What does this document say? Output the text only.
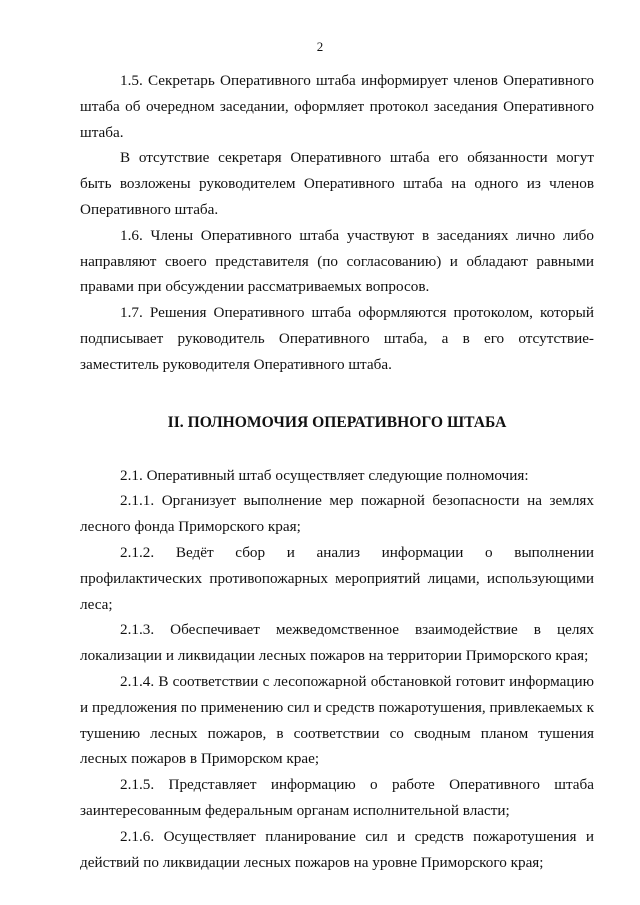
2

1.5. Секретарь Оперативного штаба информирует членов Оперативного штаба об очередном заседании, оформляет протокол заседания Оперативного штаба.

В отсутствие секретаря Оперативного штаба его обязанности могут быть возложены руководителем Оперативного штаба на одного из членов Оперативного штаба.

1.6. Члены Оперативного штаба участвуют в заседаниях лично либо направляют своего представителя (по согласованию) и обладают равными правами при обсуждении рассматриваемых вопросов.

1.7. Решения Оперативного штаба оформляются протоколом, который подписывает руководитель Оперативного штаба, а в его отсутствие-заместитель руководителя Оперативного штаба.

II. ПОЛНОМОЧИЯ ОПЕРАТИВНОГО ШТАБА

2.1. Оперативный штаб осуществляет следующие полномочия:

2.1.1. Организует выполнение мер пожарной безопасности на землях лесного фонда Приморского края;

2.1.2. Ведёт сбор и анализ информации о выполнении профилактических противопожарных мероприятий лицами, использующими леса;

2.1.3. Обеспечивает межведомственное взаимодействие в целях локализации и ликвидации лесных пожаров на территории Приморского края;

2.1.4. В соответствии с лесопожарной обстановкой готовит информацию и предложения по применению сил и средств пожаротушения, привлекаемых к тушению лесных пожаров, в соответствии со сводным планом тушения лесных пожаров в Приморском крае;

2.1.5. Представляет информацию о работе Оперативного штаба заинтересованным федеральным органам исполнительной власти;

2.1.6. Осуществляет планирование сил и средств пожаротушения и действий по ликвидации лесных пожаров на уровне Приморского края;
